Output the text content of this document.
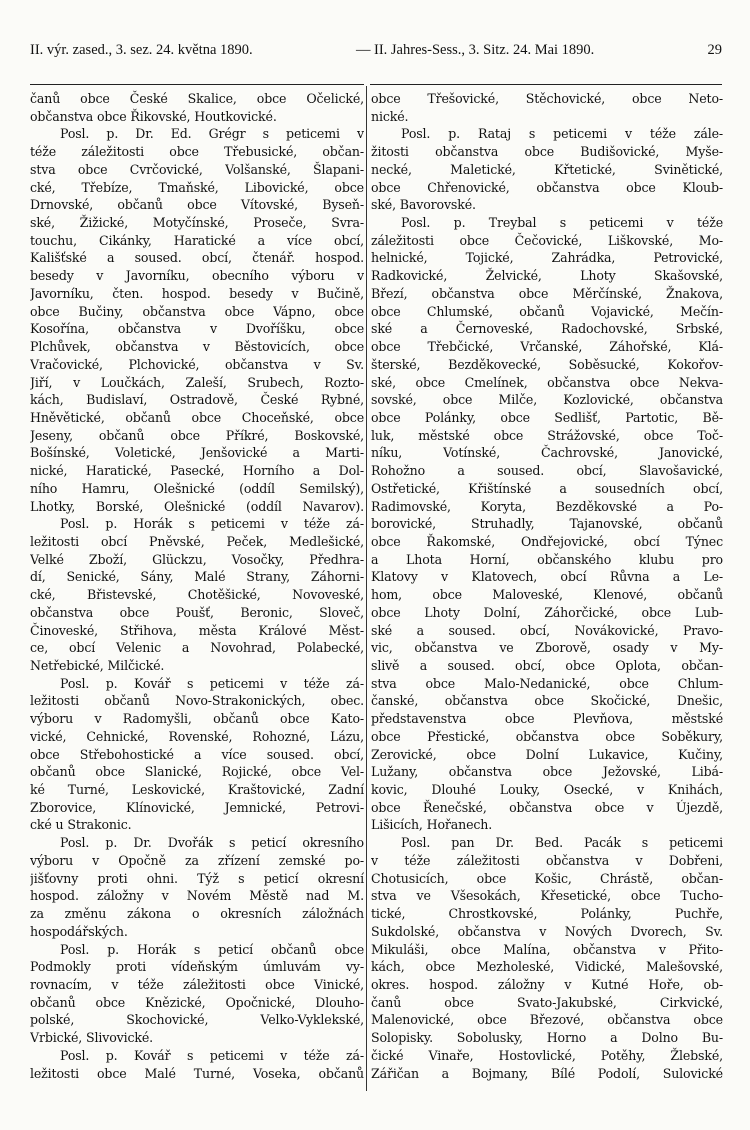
II. výr. zased., 3. sez. 24. května 1890.	— II. Jahres-Sess., 3. Sitz. 24. Mai 1890.	29
čanů obce České Skalice, obce Očelické,
občanstva obce Řikovské, Houtkovické.
Posl. p. Dr. Ed. Grégr s peticemi v
téže záležitosti obce Třebusické, občan-
stva obce Cvrčovické, Volšanské, Šlapani-
cké, Třebíze, Tmaňské, Libovické, obce
Drnovské, občanů obce Vítovské, Byseň-
ské, Žižické, Motyčínské, Proseče, Svra-
touchu, Cikánky, Haratické a více obcí,
Kališťské a soused. obcí, čtenář. hospod.
besedy v Javorníku, obecního výboru v
Javorníku, čten. hospod. besedy v Bučině,
obce Bučiny, občanstva obce Vápno, obce
Kosořína, občanstva v Dvoříšku, obce
Plchůvek, občanstva v Běstovicích, obce
Vračovické, Plchovické, občanstva v Sv.
Jiří, v Loučkách, Zaleší, Srubech, Rozto-
kách, Budislaví, Ostradově, České Rybné,
Hněvětické, občanů obce Choceňské, obce
Jeseny, občanů obce Příkré, Boskovské,
Bošínské, Voletické, Jenšovické a Marti-
nické, Haratické, Pasecké, Horního a Dol-
ního Hamru, Olešnické (oddíl Semilský),
Lhotky, Borské, Olešnické (oddíl Navarov).
Posl. p. Horák s peticemi v téže zá-
ležitosti obcí Pněvské, Peček, Medlešické,
Velké Zboží, Glückzu, Vosočky, Předhra-
dí, Senické, Sány, Malé Strany, Záhorni-
cké, Břistevské, Chotěšické, Novoveské,
občanstva obce Poušť, Beronic, Sloveč,
Činoveské, Střihova, města Králové Měst-
ce, obcí Velenic a Novohrad, Polabecké,
Netřebické, Milčické.
Posl. p. Kovář s peticemi v téže zá-
ležitosti občanů Novo-Strakonických, obec.
výboru v Radomyšli, občanů obce Kato-
vické, Cehnické, Rovenské, Rohozné, Lázu,
obce Střebohostické a více soused. obcí,
občanů obce Slanické, Rojické, obce Vel-
ké Turné, Leskovické, Kraštovické, Zadní
Zborovice, Klínovické, Jemnické, Petrovi-
cké u Strakonic.
Posl. p. Dr. Dvořák s peticí okresního
výboru v Opočně za zřízení zemské po-
jišťovny proti ohni. Týž s peticí okresní
hospod. záložny v Novém Městě nad M.
za změnu zákona o okresních záložnách
hospodářských.
Posl. p. Horák s peticí občanů obce
Podmokly proti vídeňským úmluvám vy-
rovnacím, v téže záležitosti obce Vinické,
občanů obce Knězické, Opočnické, Dlouho-
polské, Skochovické, Velko-Vyklekské,
Vrbické, Slivovické.
Posl. p. Kovář s peticemi v téže zá-
ležitosti obce Malé Turné, Voseka, občanů
obce Třešovické, Stěchovické, obce Neto-
nické.
Posl. p. Rataj s peticemi v téže zále-
žitosti občanstva obce Budišovické, Myše-
necké, Maletické, Křtetické, Svinětické,
obce Chřenovické, občanstva obce Kloub-
ské, Bavorovské.
Posl. p. Treybal s peticemi v téže
záležitosti obce Čečovické, Liškovské, Mo-
helnické, Tojické, Zahrádka, Petrovické,
Radkovické, Želvické, Lhoty Skašovské,
Březí, občanstva obce Měrčínské, Žnakova,
obce Chlumské, občanů Vojavické, Mečín-
ské a Černoveské, Radochovské, Srbské,
obce Třebčické, Vrčanské, Záhořské, Klá-
šterské, Bezděkovecké, Soběsucké, Kokořov-
ské, obce Cmelínek, občanstva obce Nekva-
sovské, obce Milče, Kozlovické, občanstva
obce Polánky, obce Sedlišť, Partotic, Bě-
luk, městské obce Strážovské, obce Toč-
níku, Votínské, Čachrovské, Janovické,
Rohožno a soused. obcí, Slavošavické,
Ostřetické, Křištínské a sousedních obcí,
Radimovské, Koryta, Bezděkovské a Po-
borovické, Struhadly, Tajanovské, občanů
obce Řakomské, Ondřejovické, obcí Týnec
a Lhota Horní, občanského klubu pro
Klatovy v Klatovech, obcí Růvna a Le-
hom, obce Maloveské, Klenové, občanů
obce Lhoty Dolní, Záhorčické, obce Lub-
ské a soused. obcí, Novákovické, Pravo-
vic, občanstva ve Zborově, osady v My-
slivě a soused. obcí, obce Oplota, občan-
stva obce Malo-Nedanické, obce Chlum-
čanské, občanstva obce Skočické, Dnešic,
představenstva obce Plevňova, městské
obce Přestické, občanstva obce Soběkury,
Zerovické, obce Dolní Lukavice, Kučiny,
Lužany, občanstva obce Ježovské, Libá-
kovic, Dlouhé Louky, Osecké, v Knihách,
obce Řenečské, občanstva obce v Újezdě,
Lišicích, Hořanech.
Posl. pan Dr. Bed. Pacák s peticemi
v téže záležitosti občanstva v Dobřeni,
Chotusicích, obce Košic, Chrástě, občan-
stva ve Všesokách, Křesetické, obce Tucho-
tické, Chrostkovské, Polánky, Puchře,
Sukdolské, občanstva v Nových Dvorech, Sv.
Mikuláši, obce Malína, občanstva v Přito-
kách, obce Mezholeské, Vidické, Malešovské,
okres. hospod. záložny v Kutné Hoře, ob-
čanů obce Svato-Jakubské, Cirkvické,
Malenovické, obce Březové, občanstva obce
Solopisky. Sobolusky, Horno a Dolno Bu-
čické Vinaře, Hostovlické, Potěhy, Žlebské,
Zářičan a Bojmany, Bílé Podolí, Sulovické
